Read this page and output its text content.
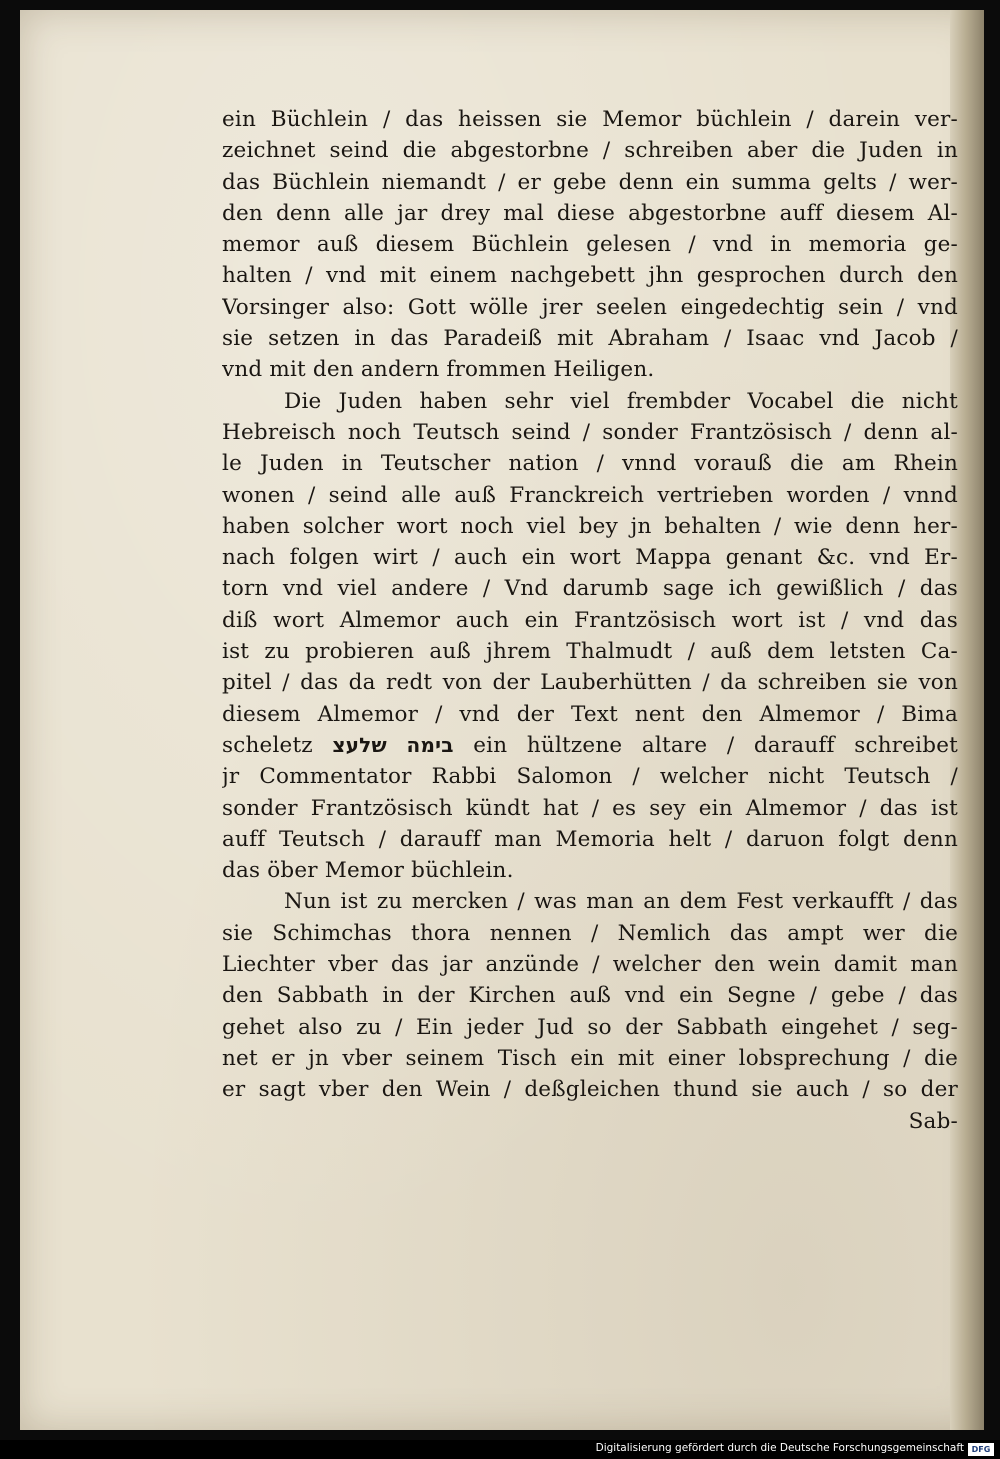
ein Büchlein / das heissen sie Memor büchlein / darein ver-

zeichnet seind die abgestorbne / schreiben aber die Juden in

das Büchlein niemandt / er gebe denn ein summa gelts / wer-

den denn alle jar drey mal diese abgestorbne auff diesem Al-

memor auß diesem Büchlein gelesen / vnd in memoria ge-

halten / vnd mit einem nachgebett jhn gesprochen durch den

Vorsinger also: Gott wölle jrer seelen eingedechtig sein / vnd

sie setzen in das Paradeiß mit Abraham / Isaac vnd Jacob /

vnd mit den andern frommen Heiligen.

Die Juden haben sehr viel frembder Vocabel die nicht

Hebreisch noch Teutsch seind / sonder Frantzösisch / denn al-

le Juden in Teutscher nation / vnnd vorauß die am Rhein

wonen / seind alle auß Franckreich vertrieben worden / vnnd

haben solcher wort noch viel bey jn behalten / wie denn her-

nach folgen wirt / auch ein wort Mappa genant &c. vnd Er-

torn vnd viel andere / Vnd darumb sage ich gewißlich / das

diß wort Almemor auch ein Frantzösisch wort ist / vnd das

ist zu probieren auß jhrem Thalmudt / auß dem letsten Ca-

pitel / das da redt von der Lauberhütten / da schreiben sie von

diesem Almemor / vnd der Text nent den Almemor / Bima

scheletz בימה שלעצ ein hültzene altare / darauff schreibet

jr Commentator Rabbi Salomon / welcher nicht Teutsch /

sonder Frantzösisch kündt hat / es sey ein Almemor / das ist

auff Teutsch / darauff man Memoria helt / daruon folgt denn

das öber Memor büchlein.

Nun ist zu mercken / was man an dem Fest verkaufft / das

sie Schimchas thora nennen / Nemlich das ampt wer die

Liechter vber das jar anzünde / welcher den wein damit man

den Sabbath in der Kirchen auß vnd ein Segne / gebe / das

gehet also zu / Ein jeder Jud so der Sabbath eingehet / seg-

net er jn vber seinem Tisch ein mit einer lobsprechung / die

er sagt vber den Wein / deßgleichen thund sie auch / so der

Sab-

Digitalisierung gefördert durch die Deutsche Forschungsgemeinschaft DFG
